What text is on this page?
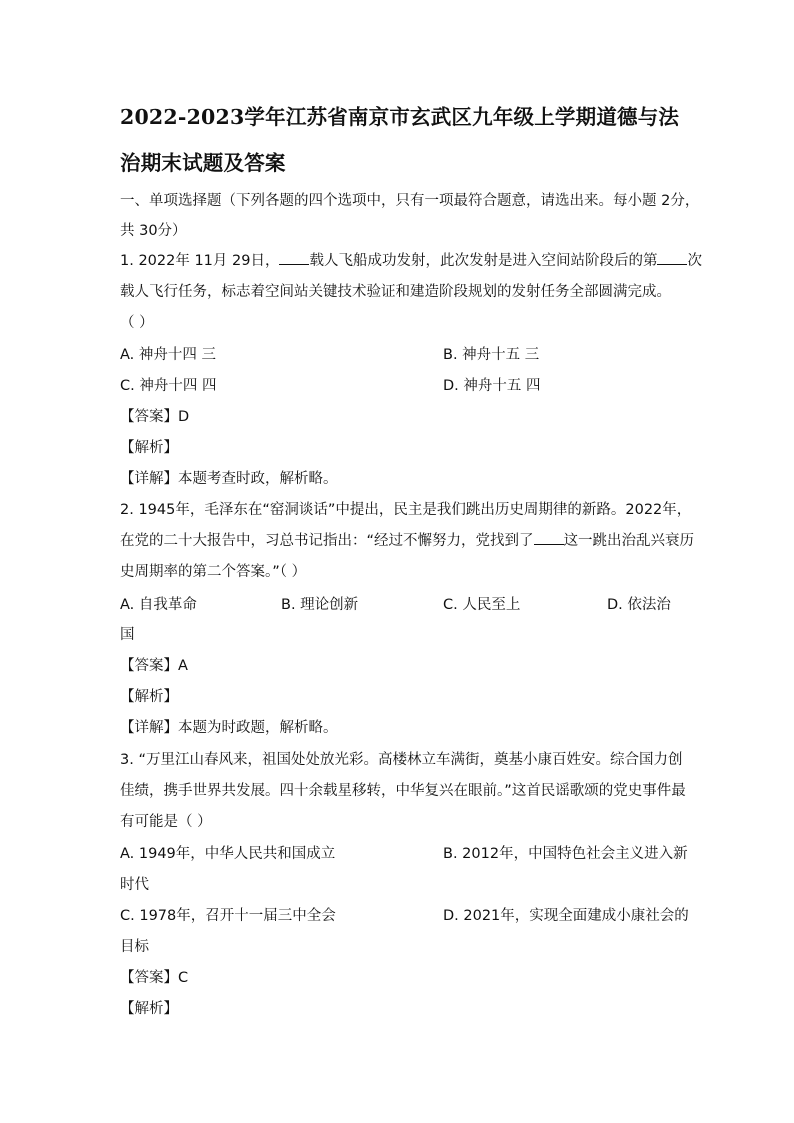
2022-2023学年江苏省南京市玄武区九年级上学期道德与法
治期末试题及答案
一、单项选择题（下列各题的四个选项中，只有一项最符合题意，请选出来。每小题 2分，
共 30分）
1. 2022年 11月 29日， 载人飞船成功发射，此次发射是进入空间站阶段后的第 次
载人飞行任务，标志着空间站关键技术验证和建造阶段规划的发射任务全部圆满完成。
（ ）
A. 神舟十四 三	B. 神舟十五 三
C. 神舟十四 四	D. 神舟十五 四
【答案】D
【解析】
【详解】本题考查时政，解析略。
2. 1945年，毛泽东在“窑洞谈话”中提出，民主是我们跳出历史周期律的新路。2022年，
在党的二十大报告中，习总书记指出：“经过不懈努力，党找到了 这一跳出治乱兴衰历
史周期率的第二个答案。”（ ）
A. 自我革命	B. 理论创新	C. 人民至上	D. 依法治
国
【答案】A
【解析】
【详解】本题为时政题，解析略。
3. “万里江山春风来，祖国处处放光彩。高楼林立车满街，奠基小康百姓安。综合国力创
佳绩，携手世界共发展。四十余载星移转，中华复兴在眼前。”这首民谣歌颂的党史事件最
有可能是（ ）
A. 1949年，中华人民共和国成立	B. 2012年，中国特色社会主义进入新
时代
C. 1978年，召开十一届三中全会	D. 2021年，实现全面建成小康社会的
目标
【答案】C
【解析】
